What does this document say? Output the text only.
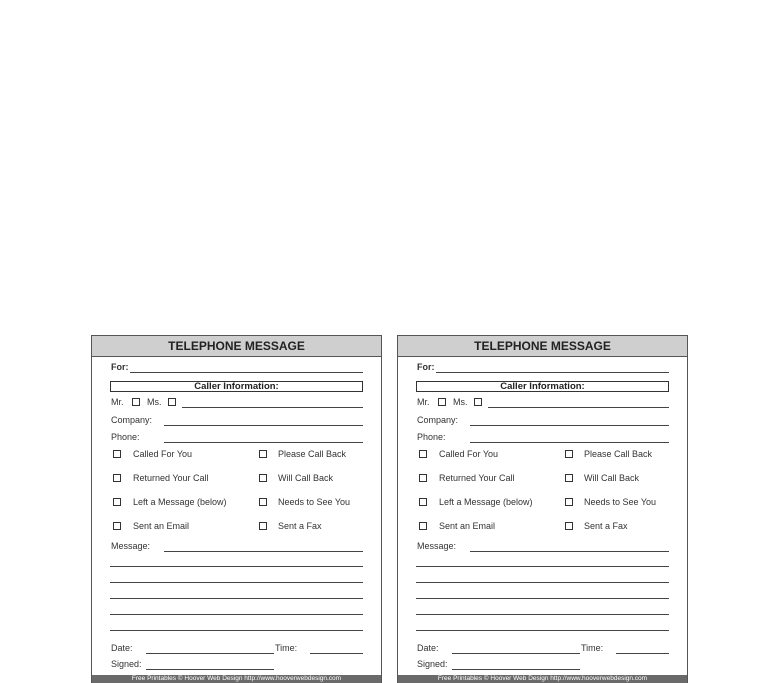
TELEPHONE MESSAGE
For:
Caller Information:
Mr.	Ms.
Company:
Phone:
Called For You	Please Call Back
Returned Your Call	Will Call Back
Left a Message (below)	Needs to See You
Sent an Email	Sent a Fax
Message:
Date:	Time:
Signed:
Free Printables © Hoover Web Design http://www.hooverwebdesign.com
TELEPHONE MESSAGE
For:
Caller Information:
Mr.	Ms.
Company:
Phone:
Called For You	Please Call Back
Returned Your Call	Will Call Back
Left a Message (below)	Needs to See You
Sent an Email	Sent a Fax
Message:
Date:	Time:
Signed:
Free Printables © Hoover Web Design http://www.hooverwebdesign.com
